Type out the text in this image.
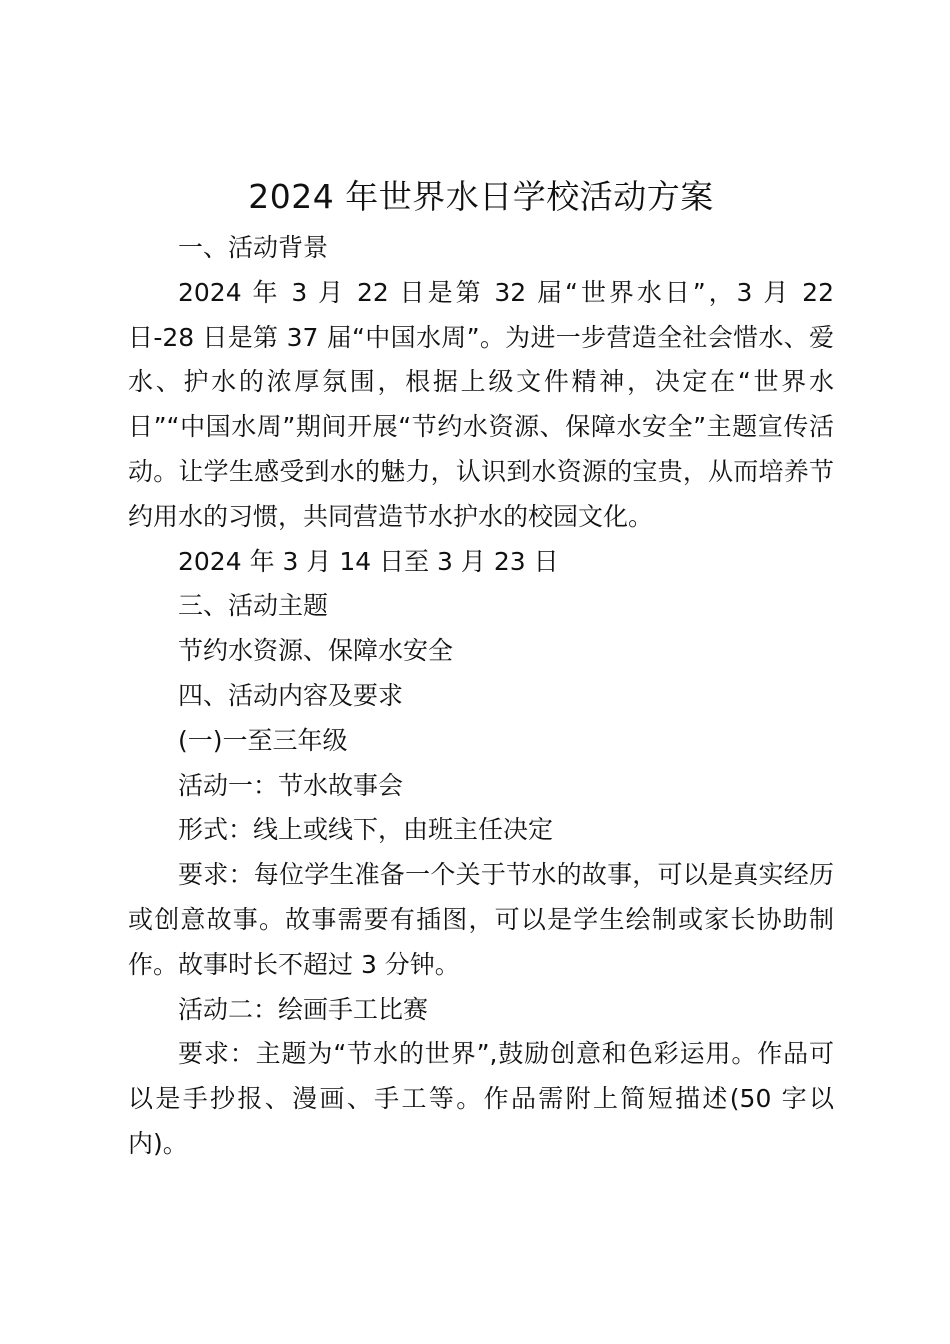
2024 年世界水日学校活动方案

一、活动背景

2024 年 3 月 22 日是第 32 届“世界水日”，3 月 22 日-28 日是第 37 届“中国水周”。为进一步营造全社会惜水、爱水、护水的浓厚氛围，根据上级文件精神，决定在“世界水日”“中国水周”期间开展“节约水资源、保障水安全”主题宣传活动。让学生感受到水的魅力，认识到水资源的宝贵，从而培养节约用水的习惯，共同营造节水护水的校园文化。

2024 年 3 月 14 日至 3 月 23 日

三、活动主题

节约水资源、保障水安全

四、活动内容及要求

(一)一至三年级

活动一：节水故事会

形式：线上或线下，由班主任决定

要求：每位学生准备一个关于节水的故事，可以是真实经历或创意故事。故事需要有插图，可以是学生绘制或家长协助制作。故事时长不超过 3 分钟。

活动二：绘画手工比赛

要求：主题为“节水的世界”,鼓励创意和色彩运用。作品可以是手抄报、漫画、手工等。作品需附上简短描述(50 字以内)。
